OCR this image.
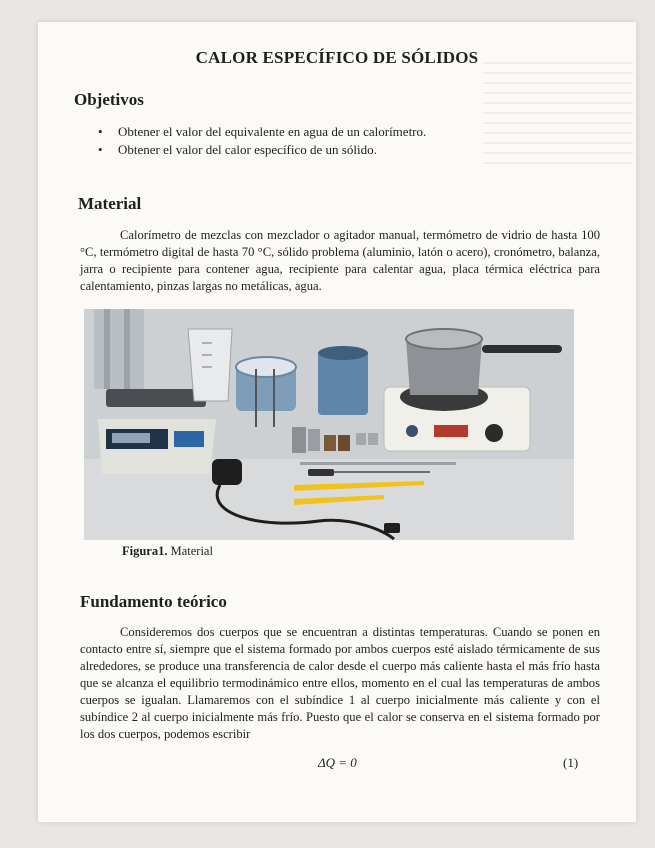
CALOR ESPECÍFICO DE SÓLIDOS
Objetivos
• Obtener el valor del equivalente en agua de un calorímetro.
• Obtener el valor del calor específico de un sólido.
Material
Calorímetro de mezclas con mezclador o agitador manual, termómetro de vidrio de hasta 100 °C, termómetro digital de hasta 70 °C, sólido problema (aluminio, latón o acero), cronómetro, balanza, jarra o recipiente para contener agua, recipiente para calentar agua, placa térmica eléctrica para calentamiento, pinzas largas no metálicas, agua.
Figura1. Material
Fundamento teórico
Consideremos dos cuerpos que se encuentran a distintas temperaturas. Cuando se ponen en contacto entre sí, siempre que el sistema formado por ambos cuerpos esté aislado térmicamente de sus alrededores, se produce una transferencia de calor desde el cuerpo más caliente hasta el más frío hasta que se alcanza el equilibrio termodinámico entre ellos, momento en el cual las temperaturas de ambos cuerpos se igualan. Llamaremos con el subíndice 1 al cuerpo inicialmente más caliente y con el subíndice 2 al cuerpo inicialmente más frío. Puesto que el calor se conserva en el sistema formado por los dos cuerpos, podemos escribir
ΔQ = 0	(1)
